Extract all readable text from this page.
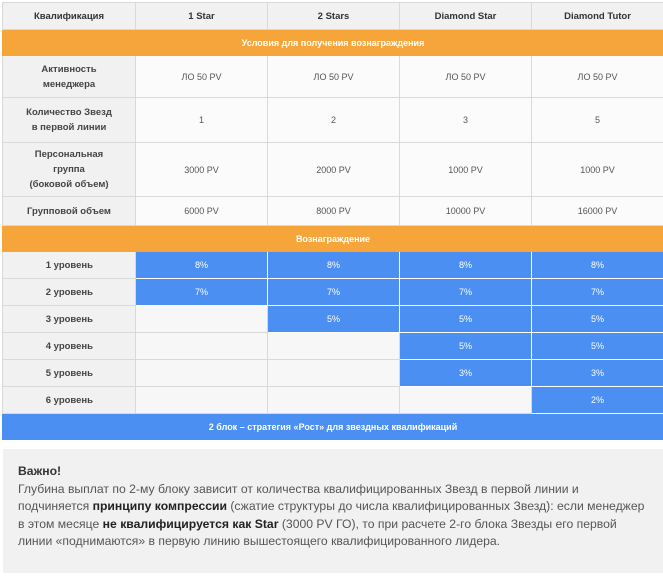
Квалификация	1 Star	2 Stars	Diamond Star	Diamond Tutor
Условия для получения вознаграждения				
Активность
менеджера	ЛО 50 PV	ЛО 50 PV	ЛО 50 PV	ЛО 50 PV
Количество Звезд
в первой линии	1	2	3	5
Персональная
группа
(боковой объем)	3000 PV	2000 PV	1000 PV	1000 PV
Групповой объем	6000 PV	8000 PV	10000 PV	16000 PV
Вознаграждение				
1 уровень	8%	8%	8%	8%
2 уровень	7%	7%	7%	7%
3 уровень		5%	5%	5%
4 уровень			5%	5%
5 уровень			3%	3%
6 уровень				2%
2 блок – стратегия «Рост» для звездных квалификаций				
Важно!
Глубина выплат по 2-му блоку зависит от количества квалифицированных Звезд в первой линии и подчиняется принципу компрессии (сжатие структуры до числа квалифицированных Звезд): если менеджер в этом месяце не квалифицируется как Star (3000 PV ГО), то при расчете 2-го блока Звезды его первой линии «поднимаются» в первую линию вышестоящего квалифицированного лидера.
